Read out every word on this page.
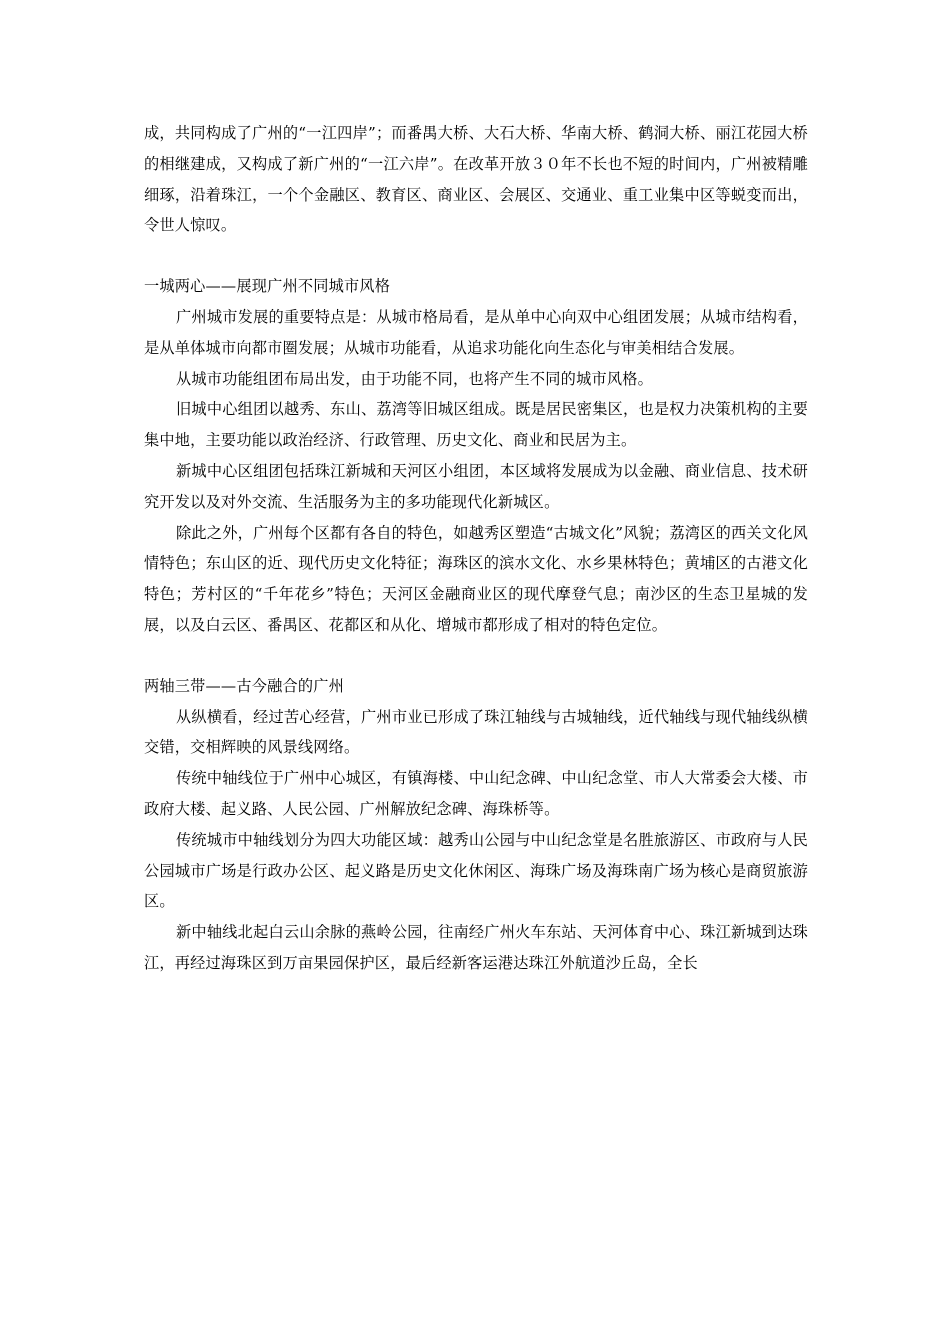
成，共同构成了广州的“一江四岸”；而番禺大桥、大石大桥、华南大桥、鹤洞大桥、丽江花园大桥的相继建成，又构成了新广州的“一江六岸”。在改革开放３０年不长也不短的时间内，广州被精雕细琢，沿着珠江，一个个金融区、教育区、商业区、会展区、交通业、重工业集中区等蜕变而出，令世人惊叹。

一城两心——展现广州不同城市风格

广州城市发展的重要特点是：从城市格局看，是从单中心向双中心组团发展；从城市结构看，是从单体城市向都市圈发展；从城市功能看，从追求功能化向生态化与审美相结合发展。

从城市功能组团布局出发，由于功能不同，也将产生不同的城市风格。

旧城中心组团以越秀、东山、荔湾等旧城区组成。既是居民密集区，也是权力决策机构的主要集中地，主要功能以政治经济、行政管理、历史文化、商业和民居为主。

新城中心区组团包括珠江新城和天河区小组团，本区域将发展成为以金融、商业信息、技术研究开发以及对外交流、生活服务为主的多功能现代化新城区。

除此之外，广州每个区都有各自的特色，如越秀区塑造“古城文化”风貌；荔湾区的西关文化风情特色；东山区的近、现代历史文化特征；海珠区的滨水文化、水乡果林特色；黄埔区的古港文化特色；芳村区的“千年花乡”特色；天河区金融商业区的现代摩登气息；南沙区的生态卫星城的发展，以及白云区、番禺区、花都区和从化、增城市都形成了相对的特色定位。

两轴三带——古今融合的广州

从纵横看，经过苦心经营，广州市业已形成了珠江轴线与古城轴线，近代轴线与现代轴线纵横交错，交相辉映的风景线网络。

传统中轴线位于广州中心城区，有镇海楼、中山纪念碑、中山纪念堂、市人大常委会大楼、市政府大楼、起义路、人民公园、广州解放纪念碑、海珠桥等。

传统城市中轴线划分为四大功能区域：越秀山公园与中山纪念堂是名胜旅游区、市政府与人民公园城市广场是行政办公区、起义路是历史文化休闲区、海珠广场及海珠南广场为核心是商贸旅游区。

新中轴线北起白云山余脉的燕岭公园，往南经广州火车东站、天河体育中心、珠江新城到达珠江，再经过海珠区到万亩果园保护区，最后经新客运港达珠江外航道沙丘岛，全长
